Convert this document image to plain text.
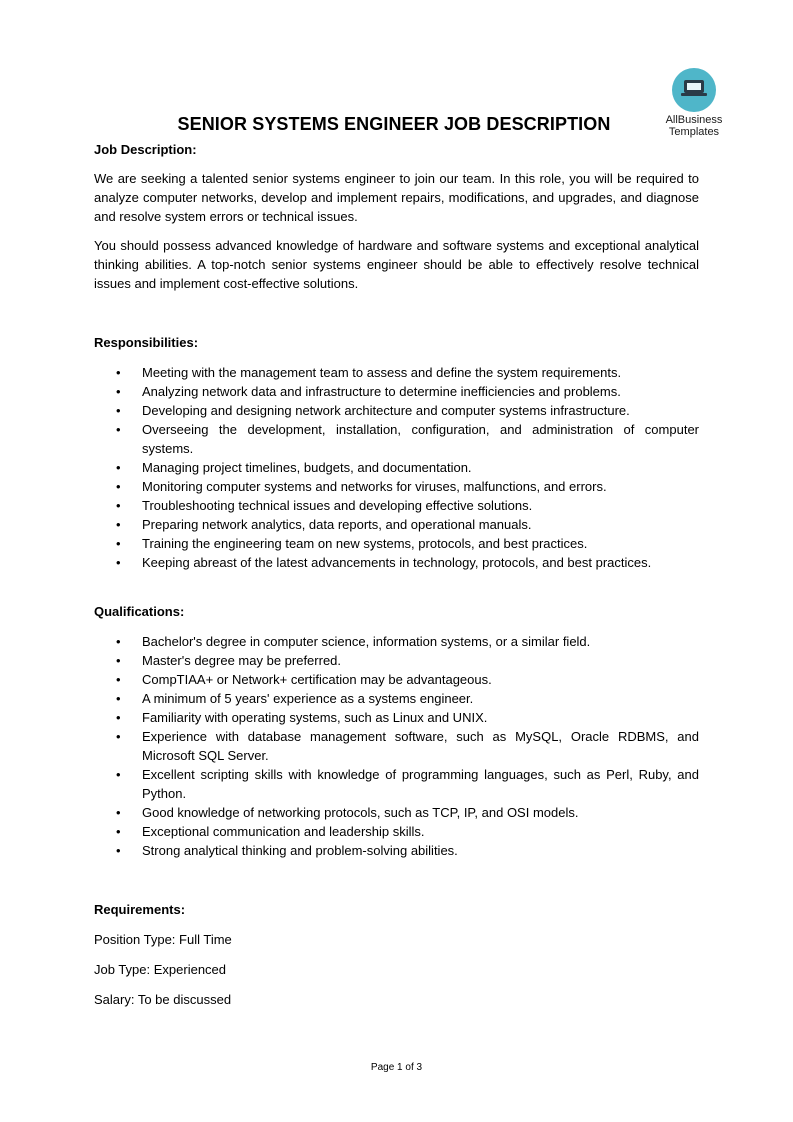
AllBusiness
Templates
SENIOR SYSTEMS ENGINEER JOB DESCRIPTION

Job Description:

We are seeking a talented senior systems engineer to join our team. In this role, you will be required to analyze computer networks, develop and implement repairs, modifications, and upgrades, and diagnose and resolve system errors or technical issues.

You should possess advanced knowledge of hardware and software systems and exceptional analytical thinking abilities. A top-notch senior systems engineer should be able to effectively resolve technical issues and implement cost-effective solutions.

Responsibilities:

• Meeting with the management team to assess and define the system requirements.
• Analyzing network data and infrastructure to determine inefficiencies and problems.
• Developing and designing network architecture and computer systems infrastructure.
• Overseeing the development, installation, configuration, and administration of computer systems.
• Managing project timelines, budgets, and documentation.
• Monitoring computer systems and networks for viruses, malfunctions, and errors.
• Troubleshooting technical issues and developing effective solutions.
• Preparing network analytics, data reports, and operational manuals.
• Training the engineering team on new systems, protocols, and best practices.
• Keeping abreast of the latest advancements in technology, protocols, and best practices.

Qualifications:

• Bachelor's degree in computer science, information systems, or a similar field.
• Master's degree may be preferred.
• CompTIAA+ or Network+ certification may be advantageous.
• A minimum of 5 years' experience as a systems engineer.
• Familiarity with operating systems, such as Linux and UNIX.
• Experience with database management software, such as MySQL, Oracle RDBMS, and Microsoft SQL Server.
• Excellent scripting skills with knowledge of programming languages, such as Perl, Ruby, and Python.
• Good knowledge of networking protocols, such as TCP, IP, and OSI models.
• Exceptional communication and leadership skills.
• Strong analytical thinking and problem-solving abilities.

Requirements:

Position Type: Full Time

Job Type: Experienced

Salary: To be discussed

Page 1 of 3
